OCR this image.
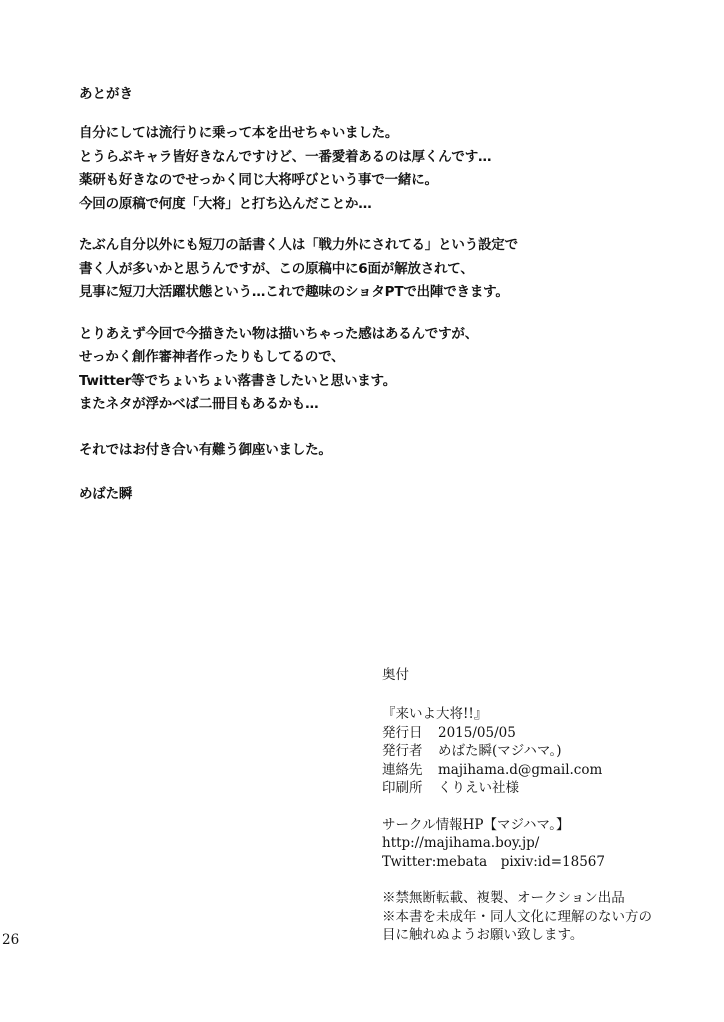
あとがき
自分にしては流行りに乗って本を出せちゃいました。
とうらぶキャラ皆好きなんですけど、一番愛着あるのは厚くんです…
薬研も好きなのでせっかく同じ大将呼びという事で一緒に。
今回の原稿で何度「大将」と打ち込んだことか…
たぶん自分以外にも短刀の話書く人は「戦力外にされてる」という設定で
書く人が多いかと思うんですが、この原稿中に6面が解放されて、
見事に短刀大活躍状態という…これで趣味のショタPTで出陣できます。
とりあえず今回で今描きたい物は描いちゃった感はあるんですが、
せっかく創作審神者作ったりもしてるので、
Twitter等でちょいちょい落書きしたいと思います。
またネタが浮かべば二冊目もあるかも…
それではお付き合い有難う御座いました。
めばた瞬
奥付
『来いよ大将!!』
発行日	2015/05/05
発行者	めばた瞬(マジハマ。)
連絡先	majihama.d@gmail.com
印刷所	くりえい社様
サークル情報HP【マジハマ。】
http://majihama.boy.jp/
Twitter:mebata　pixiv:id=18567
※禁無断転載、複製、オークション出品
※本書を未成年・同人文化に理解のない方の
目に触れぬようお願い致します。
26
